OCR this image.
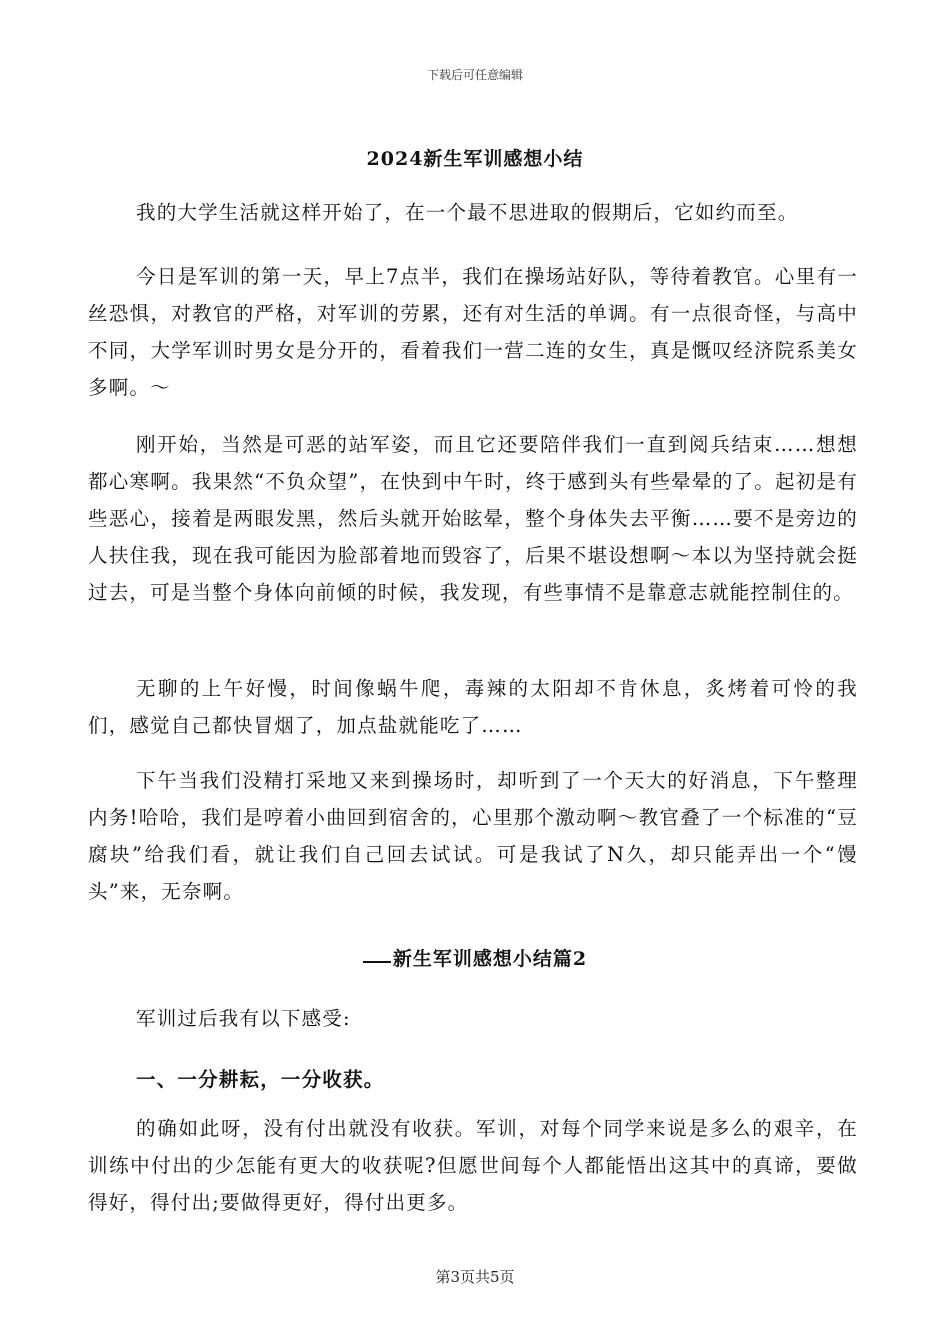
下载后可任意编辑
2024新生军训感想小结

我的大学生活就这样开始了，在一个最不思进取的假期后，它如约而至。

今日是军训的第一天，早上7点半，我们在操场站好队，等待着教官。心里有一丝恐惧，对教官的严格，对军训的劳累，还有对生活的单调。有一点很奇怪，与高中不同，大学军训时男女是分开的，看着我们一营二连的女生，真是慨叹经济院系美女多啊。～

刚开始，当然是可恶的站军姿，而且它还要陪伴我们一直到阅兵结束……想想都心寒啊。我果然“不负众望”，在快到中午时，终于感到头有些晕晕的了。起初是有些恶心，接着是两眼发黑，然后头就开始眩晕，整个身体失去平衡……要不是旁边的人扶住我，现在我可能因为脸部着地而毁容了，后果不堪设想啊～本以为坚持就会挺过去，可是当整个身体向前倾的时候，我发现，有些事情不是靠意志就能控制住的。

无聊的上午好慢，时间像蜗牛爬，毒辣的太阳却不肯休息，炙烤着可怜的我们，感觉自己都快冒烟了，加点盐就能吃了……

下午当我们没精打采地又来到操场时，却听到了一个天大的好消息，下午整理内务!哈哈，我们是哼着小曲回到宿舍的，心里那个激动啊～教官叠了一个标准的“豆腐块”给我们看，就让我们自己回去试试。可是我试了N久，却只能弄出一个“馒头”来，无奈啊。

新生军训感想小结篇2

军训过后我有以下感受:

一、一分耕耘，一分收获。

的确如此呀，没有付出就没有收获。军训，对每个同学来说是多么的艰辛，在训练中付出的少怎能有更大的收获呢?但愿世间每个人都能悟出这其中的真谛，要做得好，得付出;要做得更好，得付出更多。

第3页共5页
